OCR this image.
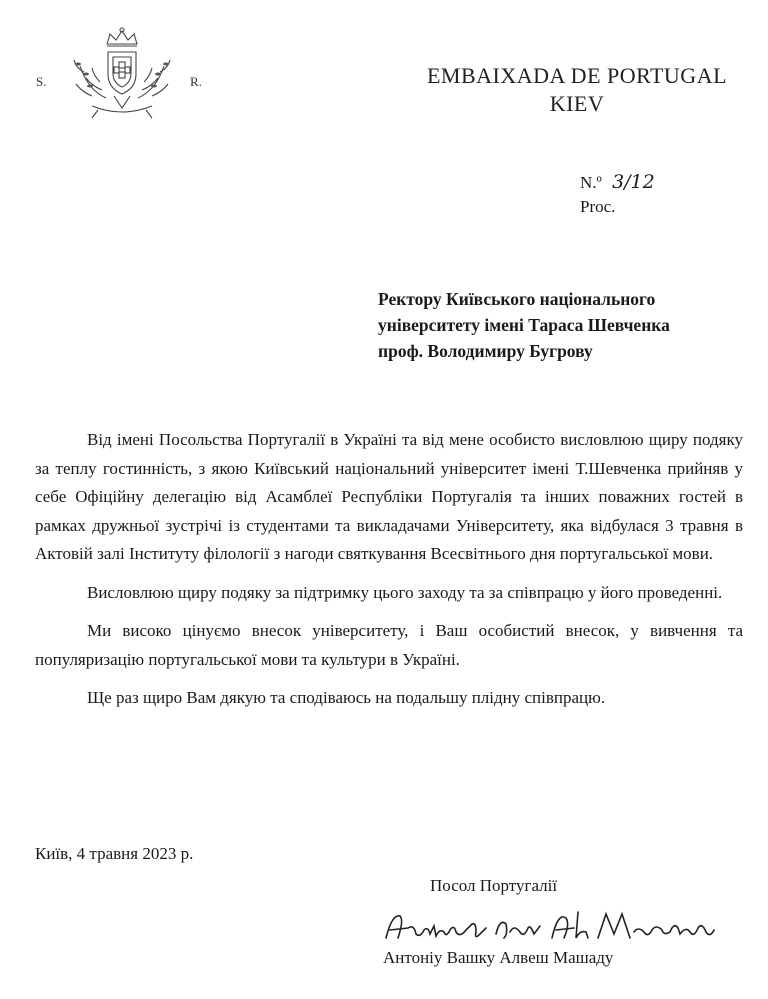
S.	R.	EMBAIXADA DE PORTUGAL
KIEV
N.º 3/12
Proc.
Ректору Київського національного
університету імені Тараса Шевченка
проф. Володимиру Бугрову

Від імені Посольства Португалії в Україні та від мене особисто висловлюю щиру подяку за теплу гостинність, з якою Київський національний університет імені Т.Шевченка прийняв у себе Офіційну делегацію від Асамблеї Республіки Португалія та інших поважних гостей в рамках дружньої зустрічі із студентами та викладачами Університету, яка відбулася 3 травня в Актовій залі Інституту філології з нагоди святкування Всесвітнього дня португальської мови.

Висловлюю щиру подяку за підтримку цього заходу та за співпрацю у його проведенні.

Ми високо цінуємо внесок університету, і Ваш особистий внесок, у вивчення та популяризацію португальської мови та культури в Україні.

Ще раз щиро Вам дякую та сподіваюсь на подальшу плідну співпрацю.

Київ, 4 травня 2023 р.
Посол Португалії
Антоніу Вашку Алвеш Машаду
